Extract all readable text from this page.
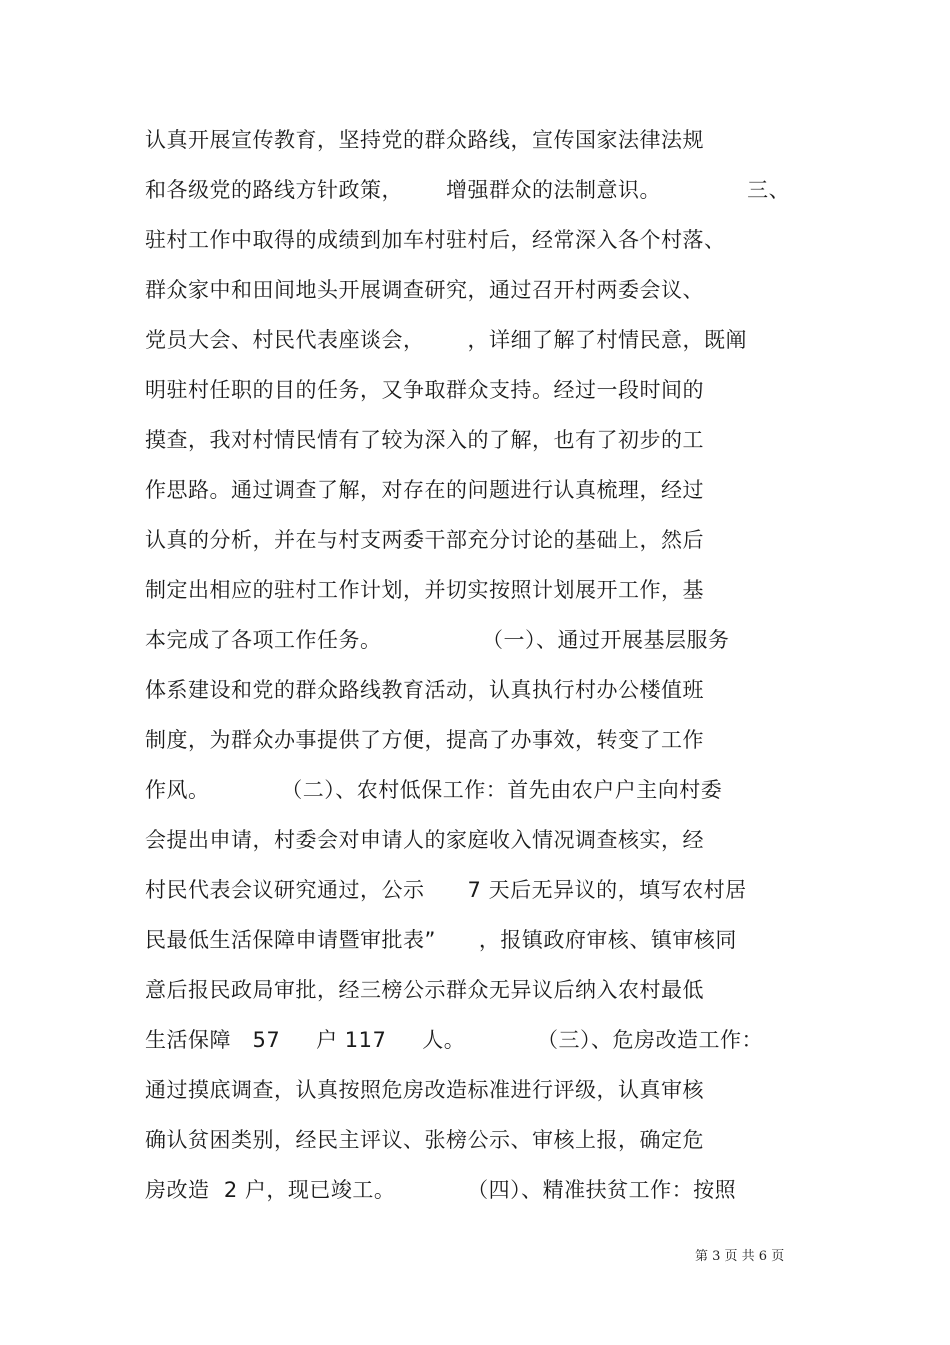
认真开展宣传教育，坚持党的群众路线，宣传国家法律法规
和各级党的路线方针政策，      增强群众的法制意识。            三、
驻村工作中取得的成绩到加车村驻村后，经常深入各个村落、
群众家中和田间地头开展调查研究，通过召开村两委会议、
党员大会、村民代表座谈会，      ，详细了解了村情民意，既阐
明驻村任职的目的任务，又争取群众支持。经过一段时间的
摸查，我对村情民情有了较为深入的了解，也有了初步的工
作思路。通过调查了解，对存在的问题进行认真梳理，经过
认真的分析，并在与村支两委干部充分讨论的基础上，然后
制定出相应的驻村工作计划，并切实按照计划展开工作，基
本完成了各项工作任务。              （一）、通过开展基层服务
体系建设和党的群众路线教育活动，认真执行村办公楼值班
制度，为群众办事提供了方便，提高了办事效，转变了工作
作风。          （二）、农村低保工作：首先由农户户主向村委
会提出申请，村委会对申请人的家庭收入情况调查核实，经
村民代表会议研究通过，公示      7 天后无异议的，填写农村居
民最低生活保障申请暨审批表”      ，报镇政府审核、镇审核同
意后报民政局审批，经三榜公示群众无异议后纳入农村最低
生活保障   57     户 117     人。          （三）、危房改造工作：
通过摸底调查，认真按照危房改造标准进行评级，认真审核
确认贫困类别，经民主评议、张榜公示、审核上报，确定危
房改造  2 户，现已竣工。          （四）、精准扶贫工作：按照
第 3 页 共 6 页
